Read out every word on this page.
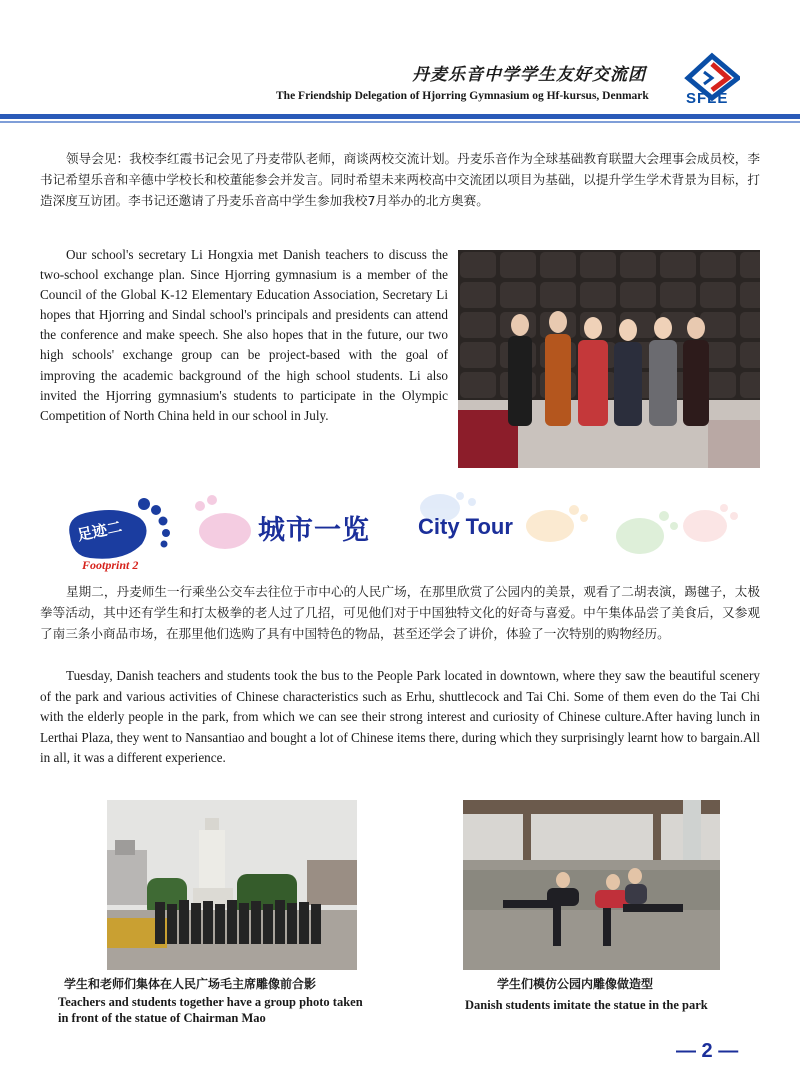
丹麦乐音中学学生友好交流团
The Friendship Delegation of Hjorring Gymnasium og Hf-kursus, Denmark SFLE
领导会见：我校李红霞书记会见了丹麦带队老师，商谈两校交流计划。丹麦乐音作为全球基础教育联盟大会理事会成员校，李书记希望乐音和辛德中学校长和校董能参会并发言。同时希望未来两校高中交流团以项目为基础，以提升学生学术背景为目标，打造深度互访团。李书记还邀请了丹麦乐音高中学生参加我校7月举办的北方奥赛。
Our school's secretary Li Hongxia met Danish teachers to discuss the two-school exchange plan. Since Hjorring gymnasium is a member of the Council of the Global K-12 Elementary Education Association, Secretary Li hopes that Hjorring and Sindal school's principals and presidents can attend the conference and make speech. She also hopes that in the future, our two high schools' exchange group can be project-based with the goal of improving the academic background of the high school students. Li also invited the Hjorring gymnasium's students to participate in the Olympic Competition of North China held in our school in July.
足迹二
Footprint 2
城市一览 City Tour
星期二，丹麦师生一行乘坐公交车去往位于市中心的人民广场，在那里欣赏了公园内的美景，观看了二胡表演，踢毽子，太极拳等活动，其中还有学生和打太极拳的老人过了几招，可见他们对于中国独特文化的好奇与喜爱。中午集体品尝了美食后，又参观了南三条小商品市场，在那里他们选购了具有中国特色的物品，甚至还学会了讲价，体验了一次特别的购物经历。
Tuesday, Danish teachers and students took the bus to the People Park located in downtown, where they saw the beautiful scenery of the park and various activities of Chinese characteristics such as Erhu, shuttlecock and Tai Chi. Some of them even do the Tai Chi with the elderly people in the park, from which we can see their strong interest and curiosity of Chinese culture.After having lunch in Lerthai Plaza, they went to Nansantiao and bought a lot of Chinese items there, during which they surprisingly learnt how to bargain.All in all, it was a different experience.
学生和老师们集体在人民广场毛主席雕像前合影
Teachers and students together have a group photo taken
in front of the statue of Chairman Mao
学生们模仿公园内雕像做造型
Danish students imitate the statue in the park
— 2 —
